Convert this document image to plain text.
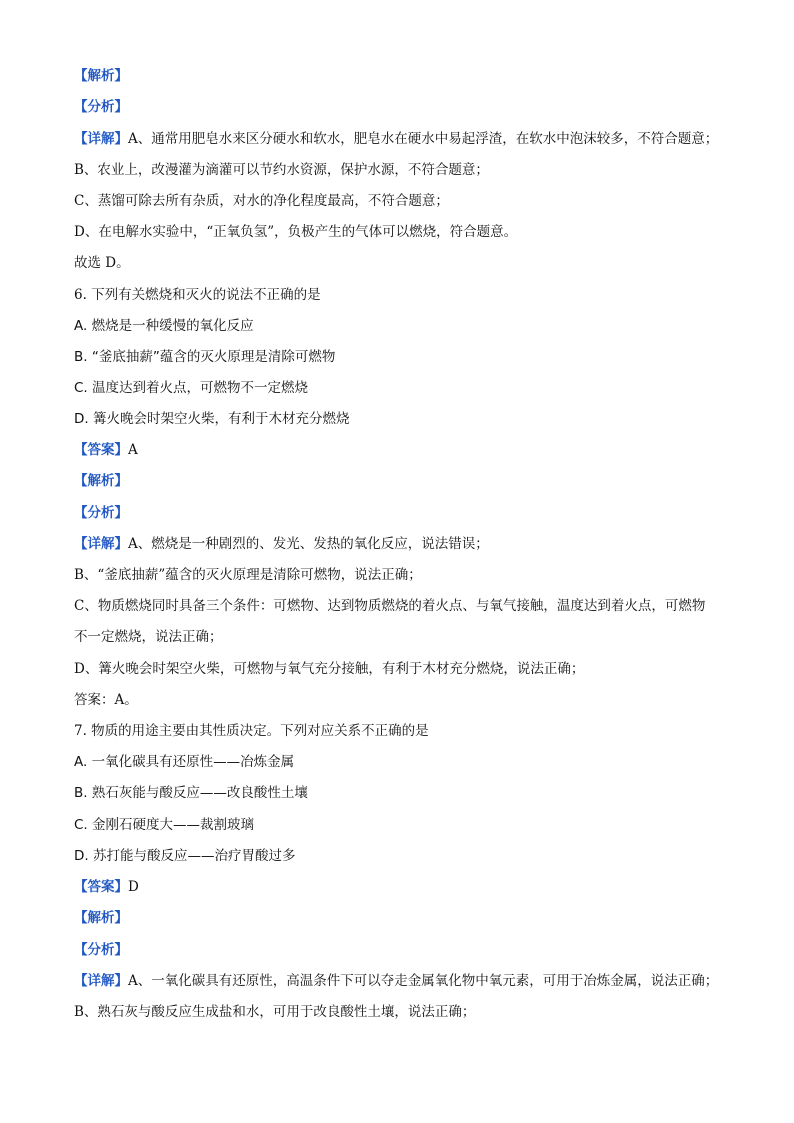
【解析】
【分析】
【详解】A、通常用肥皂水来区分硬水和软水，肥皂水在硬水中易起浮渣，在软水中泡沫较多，不符合题意；
B、农业上，改漫灌为滴灌可以节约水资源，保护水源，不符合题意；
C、蒸馏可除去所有杂质，对水的净化程度最高，不符合题意；
D、在电解水实验中，“正氧负氢”，负极产生的气体可以燃烧，符合题意。
故选 D。
6. 下列有关燃烧和灭火的说法不正确的是
A. 燃烧是一种缓慢的氧化反应
B. “釜底抽薪”蕴含的灭火原理是清除可燃物
C. 温度达到着火点，可燃物不一定燃烧
D. 篝火晚会时架空火柴，有利于木材充分燃烧
【答案】A
【解析】
【分析】
【详解】A、燃烧是一种剧烈的、发光、发热的氧化反应，说法错误；
B、“釜底抽薪”蕴含的灭火原理是清除可燃物，说法正确；
C、物质燃烧同时具备三个条件：可燃物、达到物质燃烧的着火点、与氧气接触，温度达到着火点，可燃物
不一定燃烧，说法正确；
D、篝火晚会时架空火柴，可燃物与氧气充分接触，有利于木材充分燃烧，说法正确；
答案：A。
7. 物质的用途主要由其性质决定。下列对应关系不正确的是
A. 一氧化碳具有还原性——冶炼金属
B. 熟石灰能与酸反应——改良酸性土壤
C. 金刚石硬度大——裁割玻璃
D. 苏打能与酸反应——治疗胃酸过多
【答案】D
【解析】
【分析】
【详解】A、一氧化碳具有还原性，高温条件下可以夺走金属氧化物中氧元素，可用于冶炼金属，说法正确；
B、熟石灰与酸反应生成盐和水，可用于改良酸性土壤，说法正确；
